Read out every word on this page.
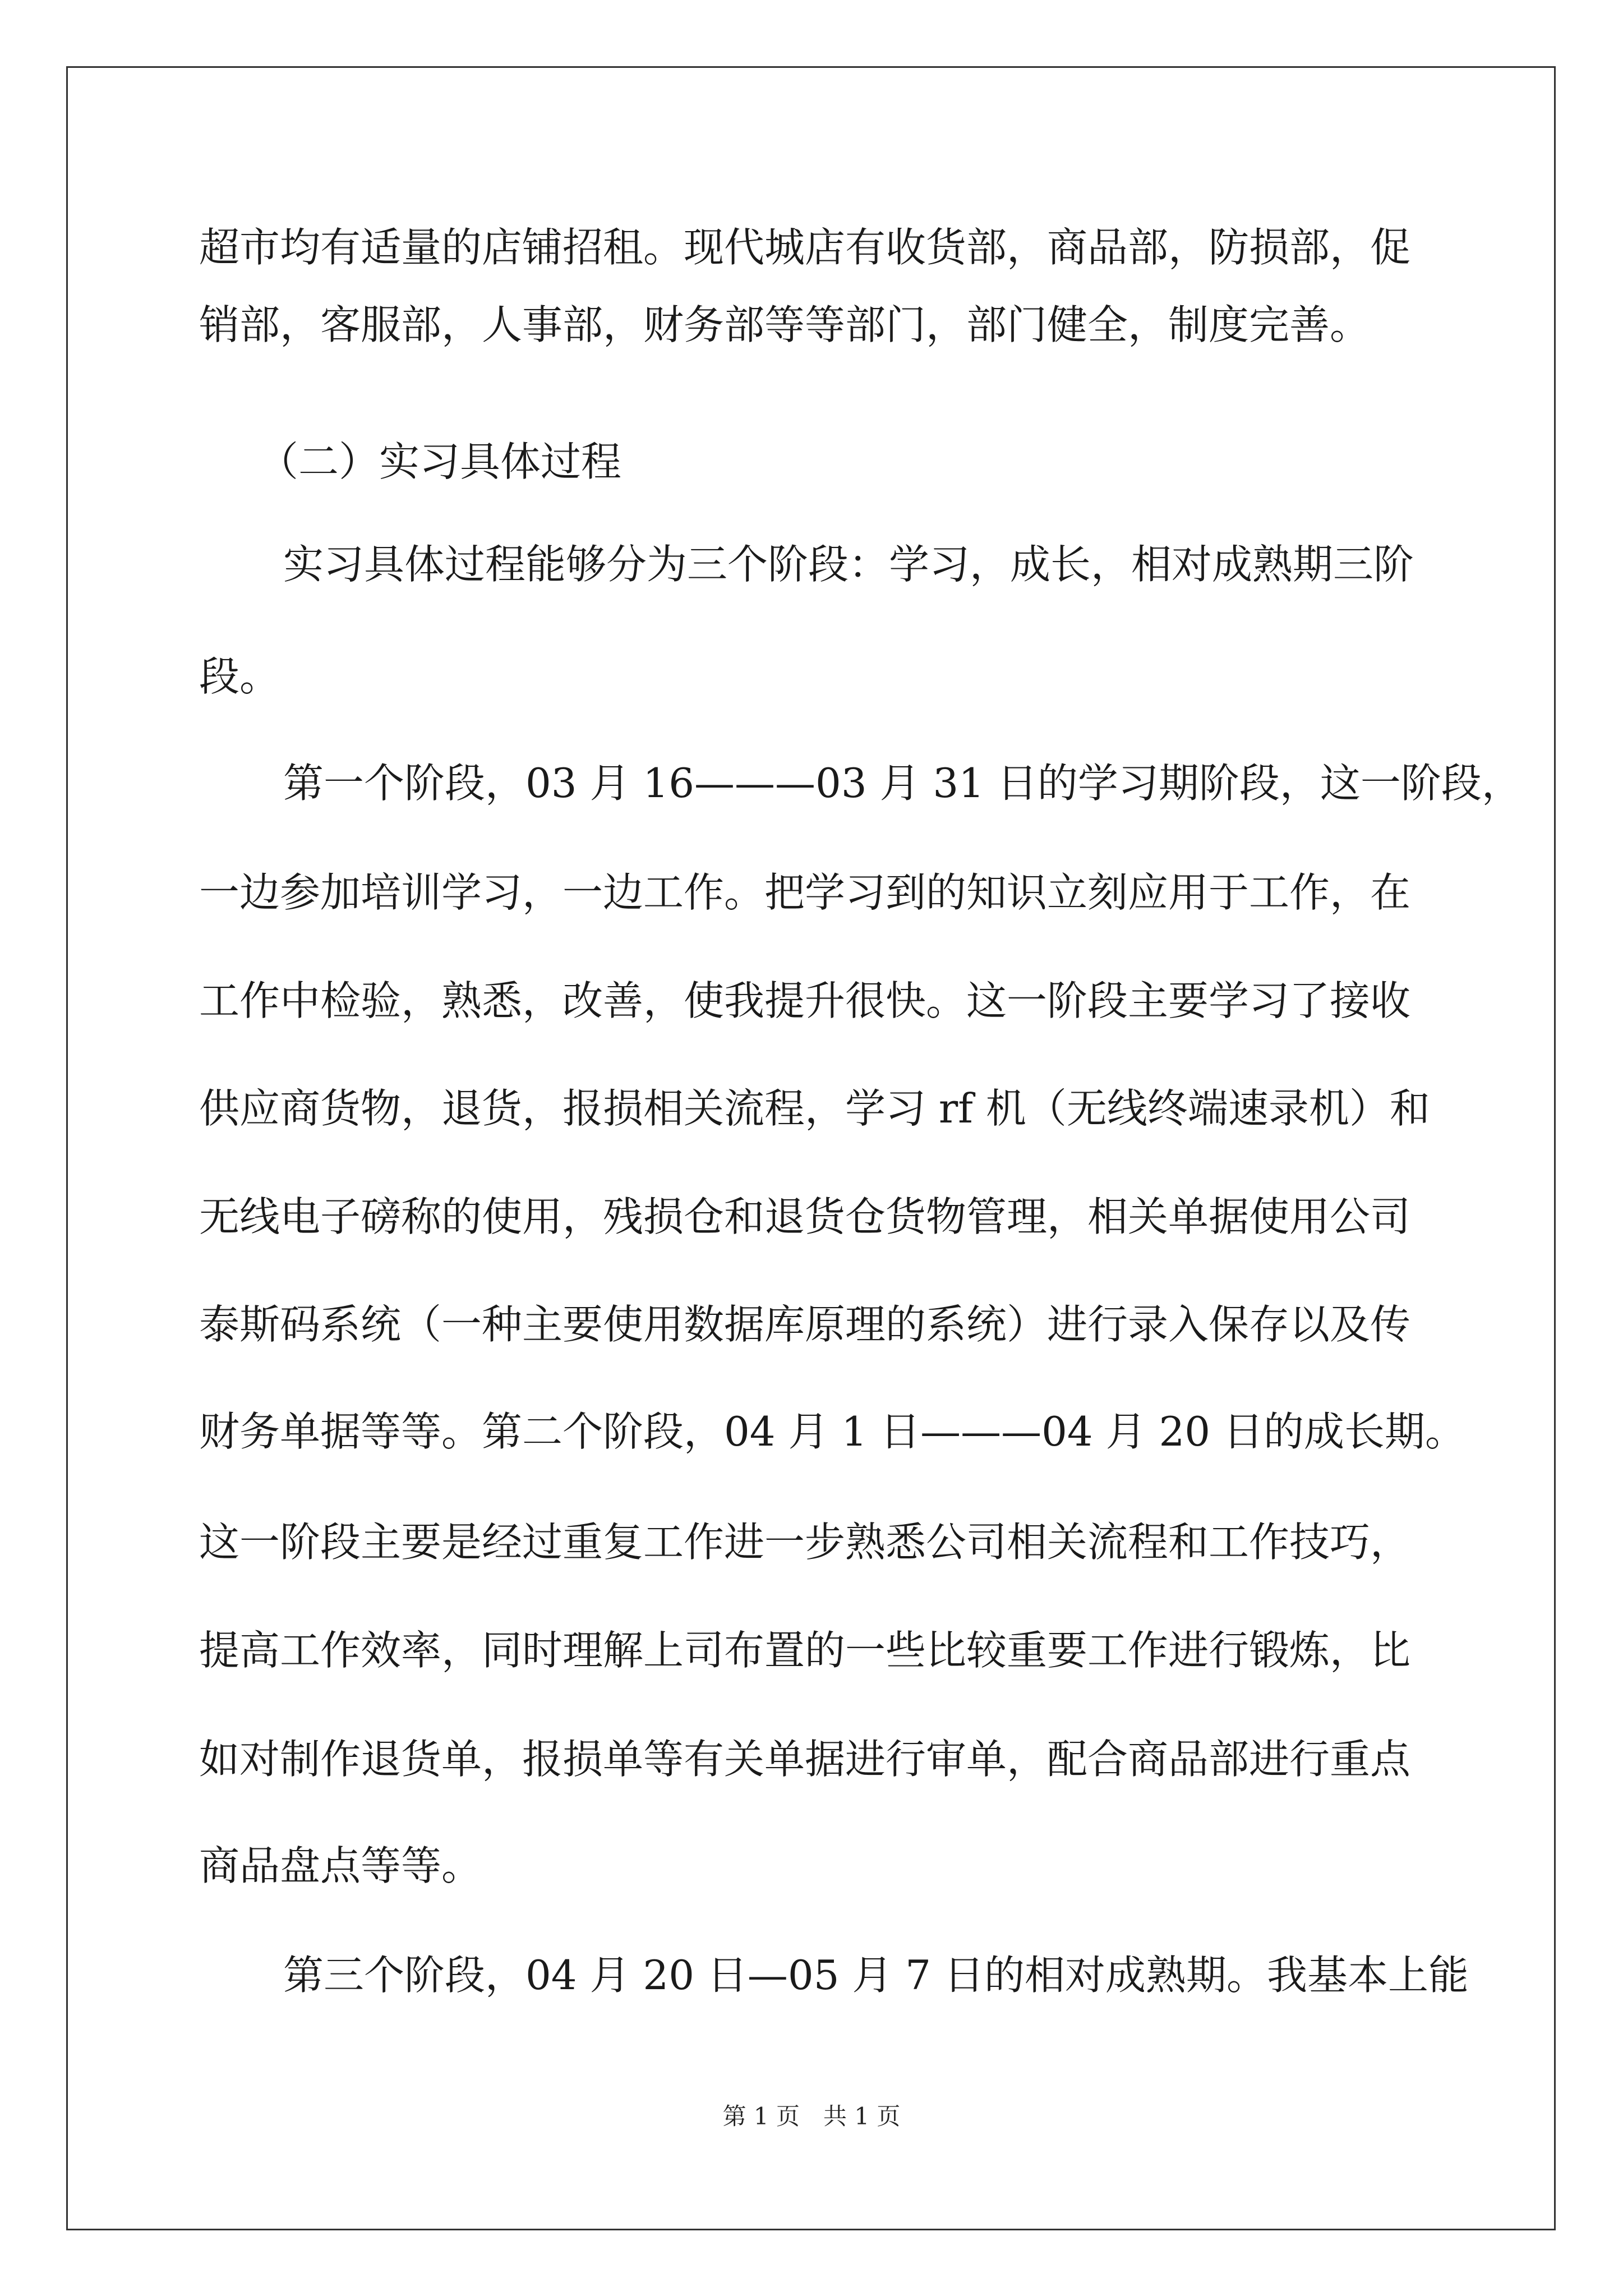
超市均有适量的店铺招租。现代城店有收货部，商品部，防损部，促
销部，客服部，人事部，财务部等等部门，部门健全，制度完善。
（二）实习具体过程
实习具体过程能够分为三个阶段：学习，成长，相对成熟期三阶
段。
第一个阶段，03 月 16———03 月 31 日的学习期阶段，这一阶段，
一边参加培训学习，一边工作。把学习到的知识立刻应用于工作，在
工作中检验，熟悉，改善，使我提升很快。这一阶段主要学习了接收
供应商货物，退货，报损相关流程，学习 rf 机（无线终端速录机）和
无线电子磅称的使用，残损仓和退货仓货物管理，相关单据使用公司
泰斯码系统（一种主要使用数据库原理的系统）进行录入保存以及传
财务单据等等。第二个阶段，04 月 1 日———04 月 20 日的成长期。
这一阶段主要是经过重复工作进一步熟悉公司相关流程和工作技巧，
提高工作效率，同时理解上司布置的一些比较重要工作进行锻炼，比
如对制作退货单，报损单等有关单据进行审单，配合商品部进行重点
商品盘点等等。
第三个阶段，04 月 20 日—05 月 7 日的相对成熟期。我基本上能
第 1 页　共 1 页
